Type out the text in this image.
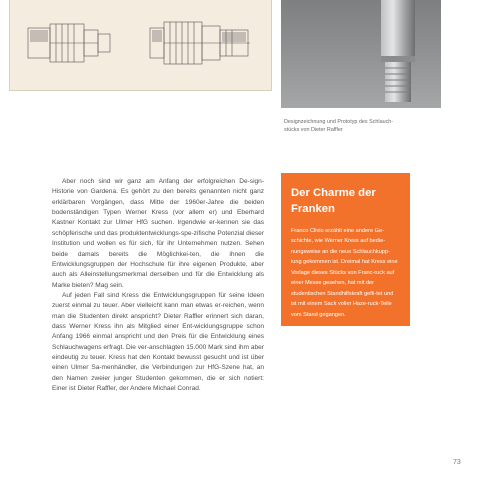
Designzeichnung und Prototyp des Schlauch-
stücks von Dieter Raffler

Aber noch sind wir ganz am Anfang der erfolgreichen De-sign-Historie von Gardena. Es gehört zu den bereits genannten nicht ganz erklärbaren Vorgängen, dass Mitte der 1960er-Jahre die beiden bodenständigen Typen Werner Kress (vor allem er) und Eberhard Kastner Kontakt zur Ulmer HfG suchen. Irgendwie er-kennen sie das schöpferische und das produktentwicklungs-spe-zifische Potenzial dieser Institution und wollen es für sich, für ihr Unternehmen nutzen. Sehen beide damals bereits die Möglichkei-ten, die ihnen die Entwicklungsgruppen der Hochschule für ihre eigenen Produkte, aber auch als Alleinstellungsmerkmal derselben und für die Entwicklung als Marke bieten? Mag sein.

Auf jeden Fall sind Kress die Entwicklungsgruppen für seine Ideen zuerst einmal zu teuer. Aber vielleicht kann man etwas er-reichen, wenn man die Studenten direkt anspricht? Dieter Raffler erinnert sich daran, dass Werner Kress ihn als Mitglied einer Ent-wicklungsgruppe schon Anfang 1966 einmal anspricht und den Preis für die Entwicklung eines Schlauchwagens erfragt. Die ver-anschlagten 15.000 Mark sind ihm aber eindeutig zu teuer. Kress hat den Kontakt bewusst gesucht und ist über einen Ulmer Sa-menhändler, die Verbindungen zur HfG-Szene hat, an den Namen zweier junger Studenten gekommen, die er sich notiert: Einer ist Dieter Raffler, der Andere Michael Conrad.

Der Charme der Franken

Franco Clivio erzählt eine andere Ge-schichte, wie Werner Kress auf bedie-nungsweise an die neue Schlauchkupp-lung gekommen ist. Dreimal hat Kress eine Vorlage dieses Stücks von Franc-ruck auf einer Messe gesehen, hat mit der studentischen Standhilfskraft gefli-tet und ist mit einem Sack voller Haze-ruck-Teile vom Stand gegangen.

73
